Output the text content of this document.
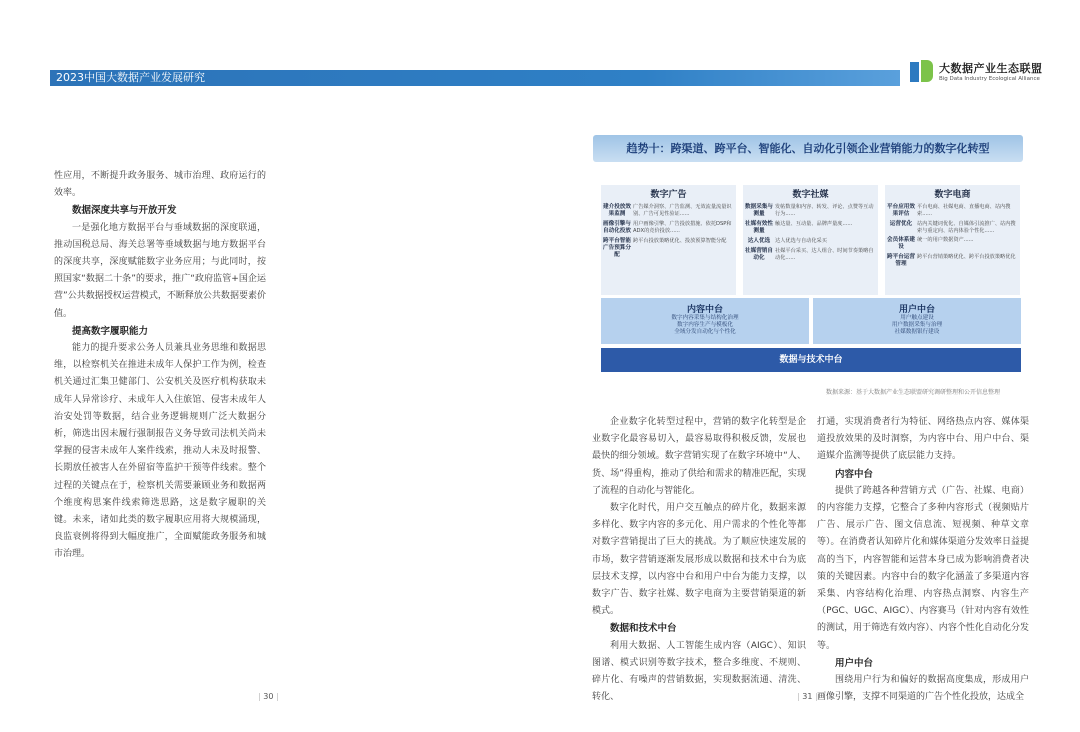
2023中国大数据产业发展研究
大数据产业生态联盟
Big Data Industry Ecological Alliance

性应用，不断提升政务服务、城市治理、政府运行的效率。

数据深度共享与开放开发

一是强化地方数据平台与垂域数据的深度联通，推动国税总局、海关总署等垂域数据与地方数据平台的深度共享，深度赋能数字业务应用；与此同时，按照国家“数据二十条”的要求，推广“政府监管+国企运营”公共数据授权运营模式，不断释放公共数据要素价值。

提高数字履职能力

能力的提升要求公务人员兼具业务思维和数据思维，以检察机关在推进未成年人保护工作为例，检查机关通过汇集卫健部门、公安机关及医疗机构获取未成年人异常诊疗、未成年人入住旅馆、侵害未成年人治安处罚等数据，结合业务逻辑规则广泛大数据分析，筛选出因未履行强制报告义务导致司法机关尚未掌握的侵害未成年人案件线索，推动人未及时报警、长期放任被害人在外留宿等监护干预等件线索。整个过程的关键点在于，检察机关需要兼顾业务和数据两个维度构思案件线索筛选思路，这是数字履职的关键。未来，诸如此类的数字履职应用将大规模涌现，良监衰例将得到大幅度推广，全面赋能政务服务和城市治理。

趋势十：跨渠道、跨平台、智能化、自动化引领企业营销能力的数字化转型
数字广告
建介投放效果监测
广告媒介洞察、广告监测、无效流量流量识别、广告可见性验证......
画像引擎与自动化投放
用户画像引擎、广告投放措施、依托DSP和ADX的竞价投放......
跨平台智能广告预算分配
跨平台投放策略优化、投放预算智能分配
数字社媒
数据采集与测量
发帖数量和内容、转发、评论、点赞等互动行为......
社媒有效性测量
触达量、互动量、品牌声量度......
达人优选 达人优选与自动化采买
社媒营销自动化
社媒平台采买、达人组合、时间节奏策略自动化......
数字电商
平台应用效果评估
平台电商、社媒电商、直播电商、站内搜索......
运营优化 站内关键词优化、自媒体引流推广、站内搜索与重定向、站内体验个性化......
会员体系建设
统一的用户数据资产......
跨平台运营管理
跨平台营销策略优化、跨平台投放策略优化
内容中台
数字内容采集与结构化治理
数字内容生产与模板化
全域分发自动化与个性化
用户中台
用户触点建设
用户数据采集与治理
社媒数据银行建设
数据与技术中台
数据来源：基于大数据产业生态联盟研究调研整理和公开信息整理

企业数字化转型过程中，营销的数字化转型是企业数字化最容易切入，最容易取得积极反馈，发展也最快的细分领域。数字营销实现了在数字环境中“人、货、场”得重构，推动了供给和需求的精准匹配，实现了流程的自动化与智能化。

数字化时代，用户交互触点的碎片化，数据来源多样化、数字内容的多元化、用户需求的个性化等都对数字营销提出了巨大的挑战。为了顺应快速发展的市场，数字营销逐渐发展形成以数据和技术中台为底层技术支撑，以内容中台和用户中台为能力支撑，以数字广告、数字社媒、数字电商为主要营销渠道的新模式。

数据和技术中台

利用大数据、人工智能生成内容（AIGC）、知识图谱、模式识别等数字技术，整合多维度、不规则、碎片化、有噪声的营销数据，实现数据流通、清洗、转化、

打通，实现消费者行为特征、网络热点内容、媒体渠道投放效果的及时洞察，为内容中台、用户中台、渠道媒介监测等提供了底层能力支持。

内容中台

提供了跨越各种营销方式（广告、社媒、电商）的内容能力支撑，它整合了多种内容形式（视频贴片广告、展示广告、图文信息流、短视频、种草文章等）。在消费者认知碎片化和媒体渠道分发效率日益提高的当下，内容智能和运营本身已成为影响消费者决策的关键因素。内容中台的数字化涵盖了多渠道内容采集、内容结构化治理、内容热点洞察、内容生产（PGC、UGC、AIGC）、内容赛马（针对内容有效性的测试，用于筛选有效内容）、内容个性化自动化分发等。

用户中台

围绕用户行为和偏好的数据高度集成，形成用户画像引擎，支撑不同渠道的广告个性化投放，达成全

| 30 |	| 31 |
